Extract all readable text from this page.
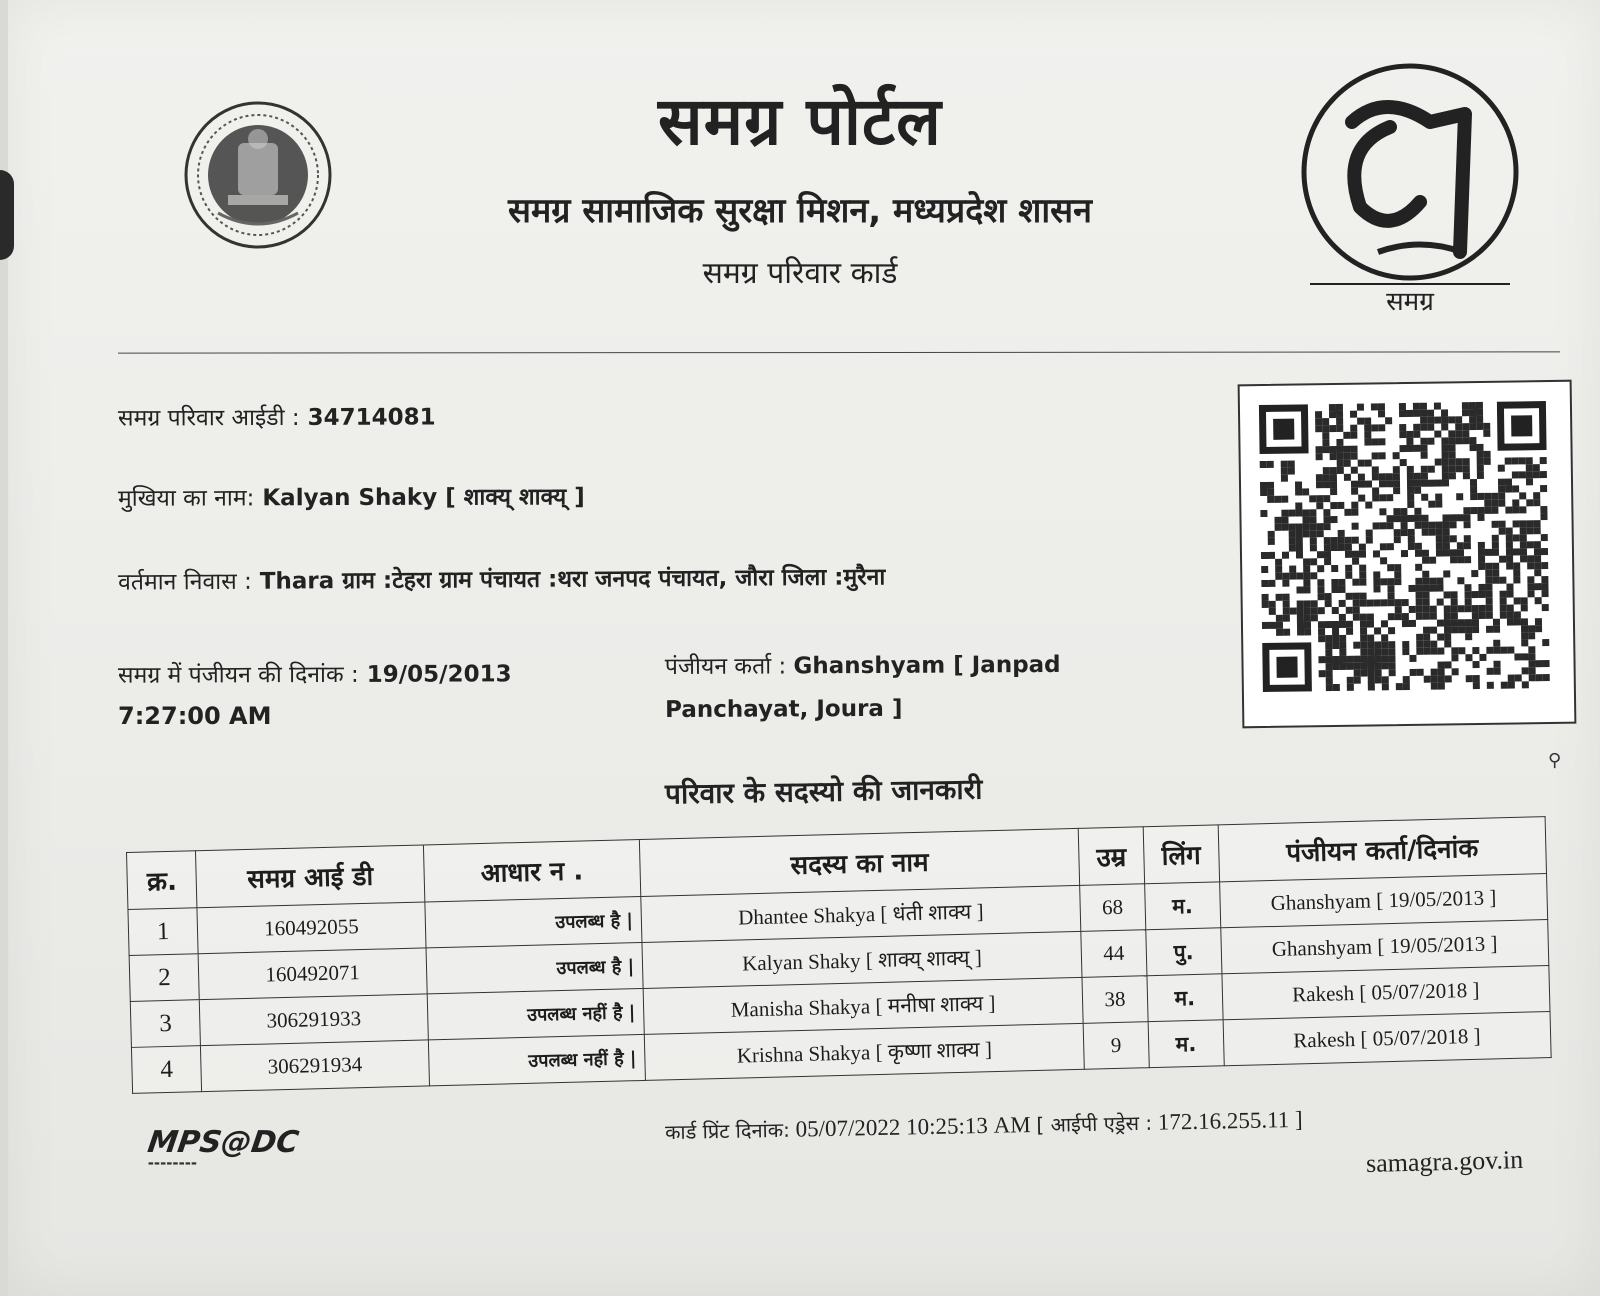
समग्र
समग्र पोर्टल
समग्र सामाजिक सुरक्षा मिशन, मध्यप्रदेश शासन
समग्र परिवार कार्ड
समग्र परिवार आईडी : 34714081
मुखिया का नाम: Kalyan Shaky [ शाक्य् शाक्य् ]
वर्तमान निवास : Thara ग्राम :टेहरा ग्राम पंचायत :थरा जनपद पंचायत, जौरा जिला :मुरैना
समग्र में पंजीयन की दिनांक : 19/05/2013
7:27:00 AM
पंजीयन कर्ता : Ghanshyam [ Janpad
Panchayat, Joura ]
⚲
परिवार के सदस्यो की जानकारी
क्र.	समग्र आई डी	आधार न .	सदस्य का नाम	उम्र	लिंग	पंजीयन कर्ता/दिनांक
1	160492055	उपलब्ध है |	Dhantee Shakya [ धंती शाक्य ]	68	म.	Ghanshyam [ 19/05/2013 ]
2	160492071	उपलब्ध है |	Kalyan Shaky [ शाक्य् शाक्य् ]	44	पु.	Ghanshyam [ 19/05/2013 ]
3	306291933	उपलब्ध नहीं है |	Manisha Shakya [ मनीषा शाक्य ]	38	म.	Rakesh [ 05/07/2018 ]
4	306291934	उपलब्ध नहीं है |	Krishna Shakya [ कृष्णा शाक्य ]	9	म.	Rakesh [ 05/07/2018 ]
MPS@DC
▬▬▬▬▬▬▬▬
कार्ड प्रिंट दिनांक: 05/07/2022 10:25:13 AM [ आईपी एड्रेस : 172.16.255.11 ]
samagra.gov.in
